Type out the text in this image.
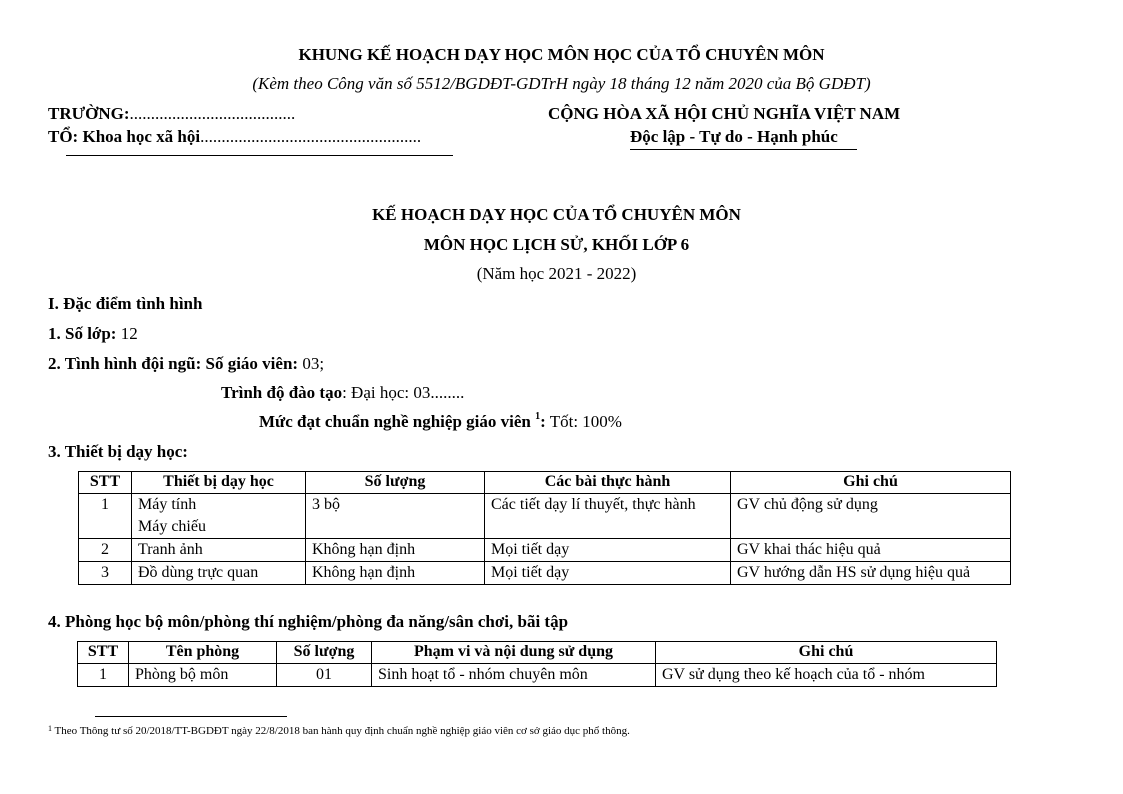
KHUNG KẾ HOẠCH DẠY HỌC MÔN HỌC CỦA TỔ CHUYÊN MÔN
(Kèm theo Công văn số 5512/BGDĐT-GDTrH ngày 18 tháng 12 năm 2020 của Bộ GDĐT)
TRƯỜNG:.......................................
TỔ: Khoa học xã hội....................................................
CỘNG HÒA XÃ HỘI CHỦ NGHĨA VIỆT NAM
Độc lập - Tự do - Hạnh phúc
KẾ HOẠCH DẠY HỌC CỦA TỔ CHUYÊN MÔN
MÔN HỌC LỊCH SỬ, KHỐI LỚP 6
(Năm học 2021 - 2022)
I. Đặc điểm tình hình
1. Số lớp: 12
2. Tình hình đội ngũ: Số giáo viên: 03;
Trình độ đào tạo: Đại học: 03........
Mức đạt chuẩn nghề nghiệp giáo viên $^1$: Tốt: 100%
3. Thiết bị dạy học:
STT	Thiết bị dạy học	Số lượng	Các bài thực hành	Ghi chú
1	Máy tính
Máy chiếu	3 bộ	Các tiết dạy lí thuyết, thực hành	GV chủ động sử dụng
2	Tranh ảnh	Không hạn định	Mọi tiết dạy	GV khai thác hiệu quả
3	Đồ dùng trực quan	Không hạn định	Mọi tiết dạy	GV hướng dẫn HS sử dụng hiệu quả
4. Phòng học bộ môn/phòng thí nghiệm/phòng đa năng/sân chơi, bãi tập
STT	Tên phòng	Số lượng	Phạm vi và nội dung sử dụng	Ghi chú
1	Phòng bộ môn	01	Sinh hoạt tổ - nhóm chuyên môn	GV sử dụng theo kế hoạch của tổ - nhóm
$^1$ Theo Thông tư số 20/2018/TT-BGDĐT ngày 22/8/2018 ban hành quy định chuẩn nghề nghiệp giáo viên cơ sở giáo dục phổ thông.
